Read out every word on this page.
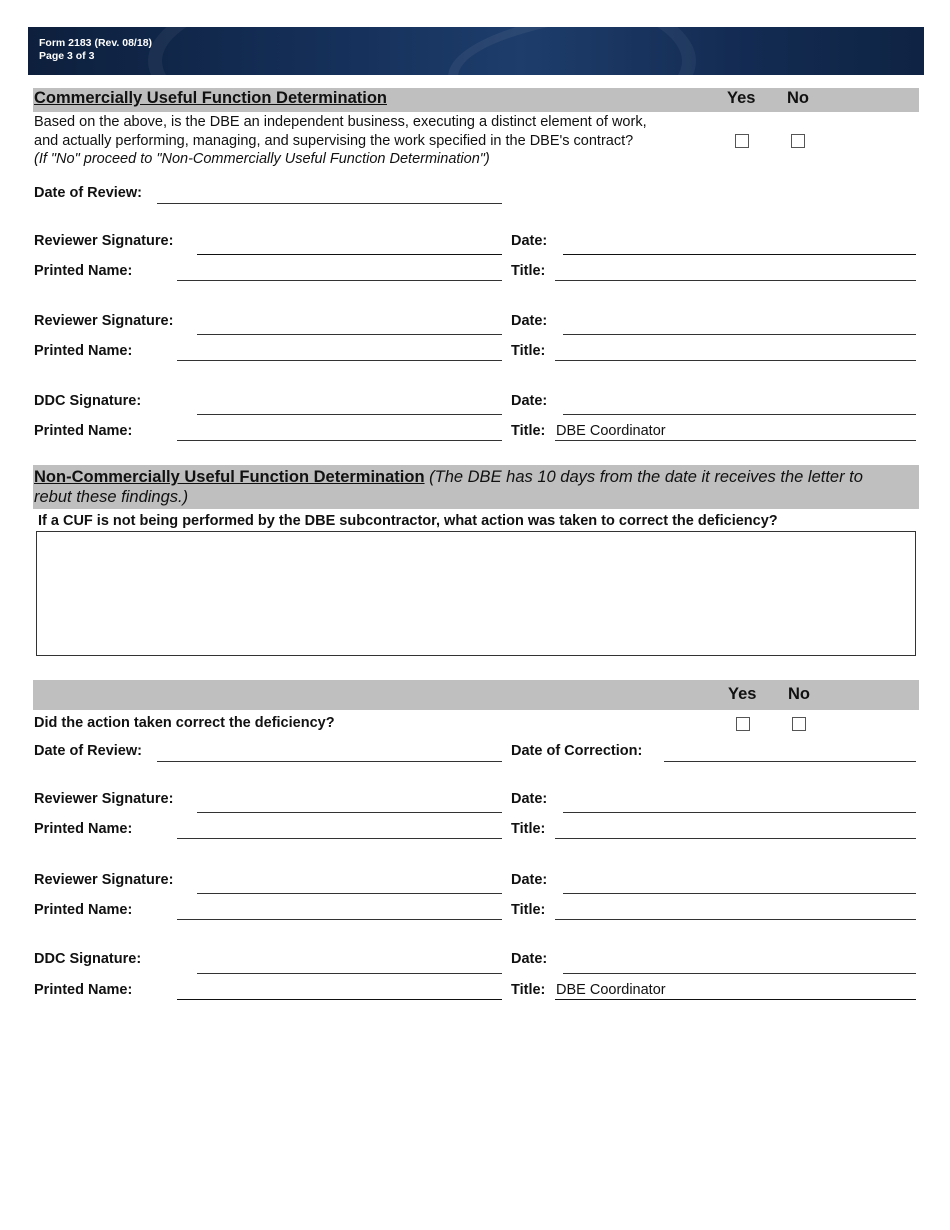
Form 2183 (Rev. 08/18)
Page 3 of 3
Commercially Useful Function Determination	Yes No
Based on the above, is the DBE an independent business, executing a distinct element of work,
and actually performing, managing, and supervising the work specified in the DBE's contract?
(If "No" proceed to "Non-Commercially Useful Function Determination")
Date of Review:
Reviewer Signature:	Date:
Printed Name:	Title:
Reviewer Signature:	Date:
Printed Name:	Title:
DDC Signature:	Date:
Printed Name:	Title: DBE Coordinator
Non-Commercially Useful Function Determination (The DBE has 10 days from the date it receives the letter to
rebut these findings.)
If a CUF is not being performed by the DBE subcontractor, what action was taken to correct the deficiency?
Yes No
Did the action taken correct the deficiency?
Date of Review:	Date of Correction:
Reviewer Signature:	Date:
Printed Name:	Title:
Reviewer Signature:	Date:
Printed Name:	Title:
DDC Signature:	Date:
Printed Name:	Title: DBE Coordinator
